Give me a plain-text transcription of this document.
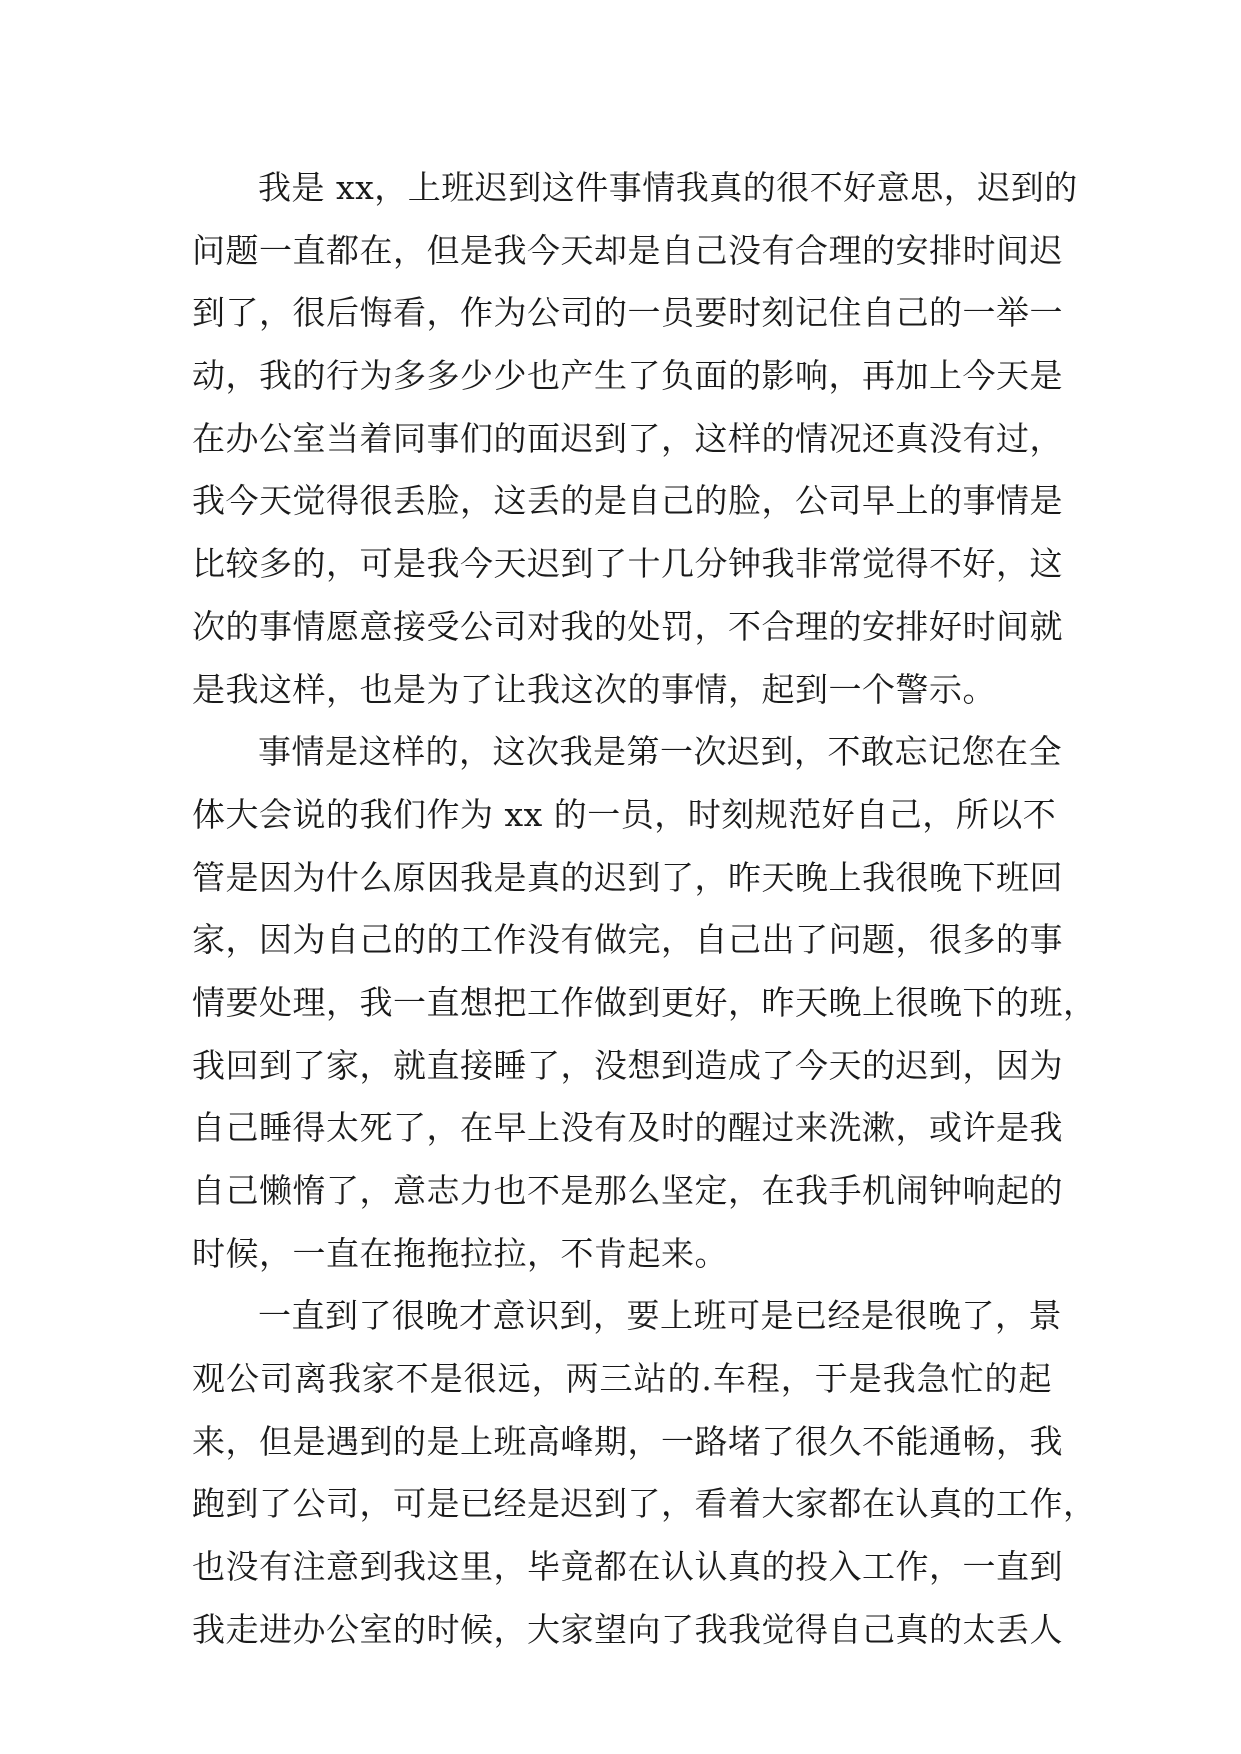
我是 xx，上班迟到这件事情我真的很不好意思，迟到的
问题一直都在，但是我今天却是自己没有合理的安排时间迟
到了，很后悔看，作为公司的一员要时刻记住自己的一举一
动，我的行为多多少少也产生了负面的影响，再加上今天是
在办公室当着同事们的面迟到了，这样的情况还真没有过，
我今天觉得很丢脸，这丢的是自己的脸，公司早上的事情是
比较多的，可是我今天迟到了十几分钟我非常觉得不好，这
次的事情愿意接受公司对我的处罚，不合理的安排好时间就
是我这样，也是为了让我这次的事情，起到一个警示。
事情是这样的，这次我是第一次迟到，不敢忘记您在全
体大会说的我们作为 xx 的一员，时刻规范好自己，所以不
管是因为什么原因我是真的迟到了，昨天晚上我很晚下班回
家，因为自己的的工作没有做完，自己出了问题，很多的事
情要处理，我一直想把工作做到更好，昨天晚上很晚下的班，
我回到了家，就直接睡了，没想到造成了今天的迟到，因为
自己睡得太死了，在早上没有及时的醒过来洗漱，或许是我
自己懒惰了，意志力也不是那么坚定，在我手机闹钟响起的
时候，一直在拖拖拉拉，不肯起来。
一直到了很晚才意识到，要上班可是已经是很晚了，景
观公司离我家不是很远，两三站的.车程，于是我急忙的起
来，但是遇到的是上班高峰期，一路堵了很久不能通畅，我
跑到了公司，可是已经是迟到了，看着大家都在认真的工作，
也没有注意到我这里，毕竟都在认认真的投入工作，一直到
我走进办公室的时候，大家望向了我我觉得自己真的太丢人
